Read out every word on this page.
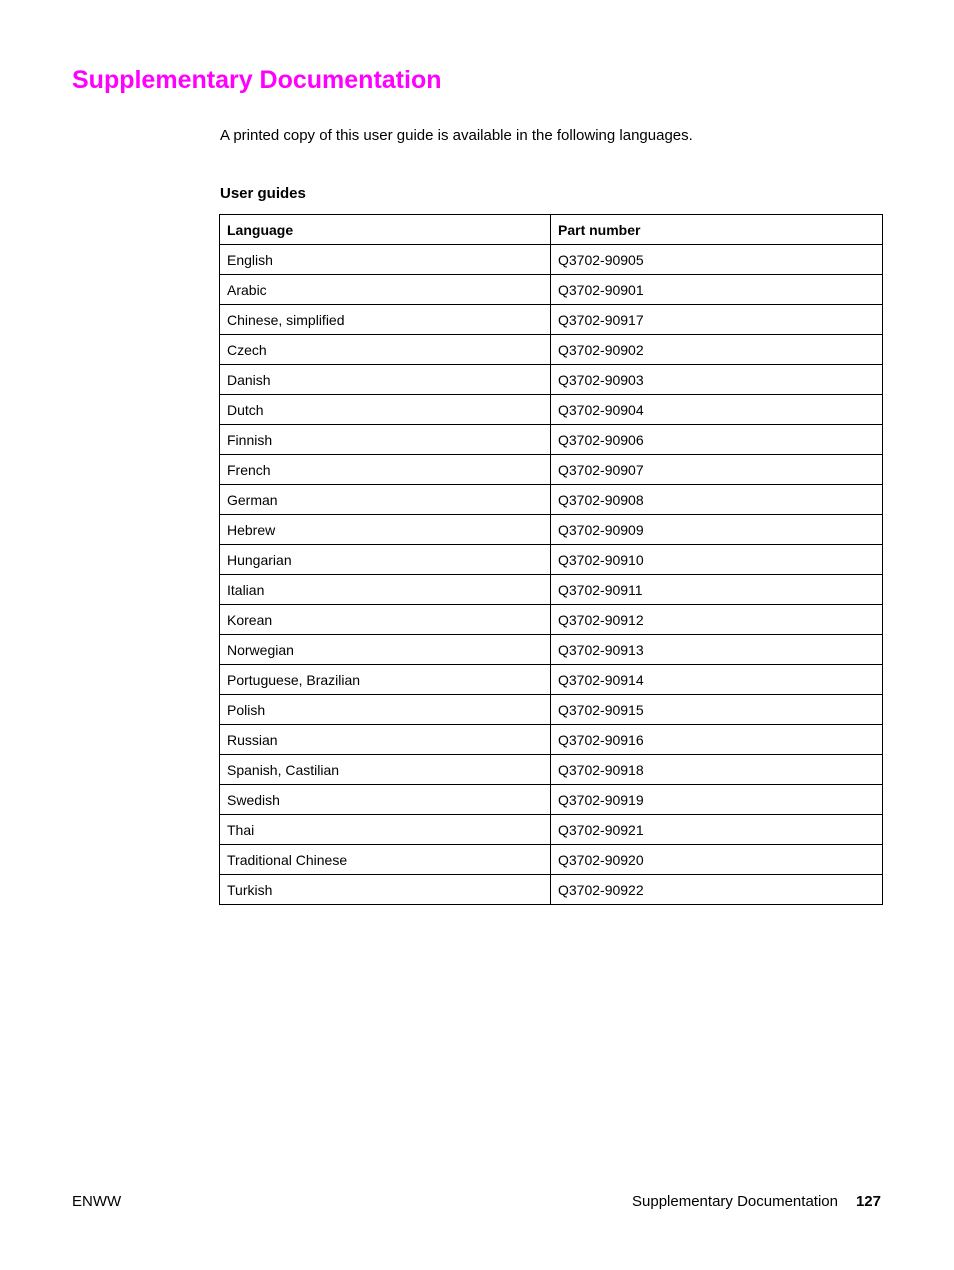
Supplementary Documentation

A printed copy of this user guide is available in the following languages.

User guides

Language	Part number
English	Q3702-90905
Arabic	Q3702-90901
Chinese, simplified	Q3702-90917
Czech	Q3702-90902
Danish	Q3702-90903
Dutch	Q3702-90904
Finnish	Q3702-90906
French	Q3702-90907
German	Q3702-90908
Hebrew	Q3702-90909
Hungarian	Q3702-90910
Italian	Q3702-90911
Korean	Q3702-90912
Norwegian	Q3702-90913
Portuguese, Brazilian	Q3702-90914
Polish	Q3702-90915
Russian	Q3702-90916
Spanish, Castilian	Q3702-90918
Swedish	Q3702-90919
Thai	Q3702-90921
Traditional Chinese	Q3702-90920
Turkish	Q3702-90922
ENWW	Supplementary Documentation 127
